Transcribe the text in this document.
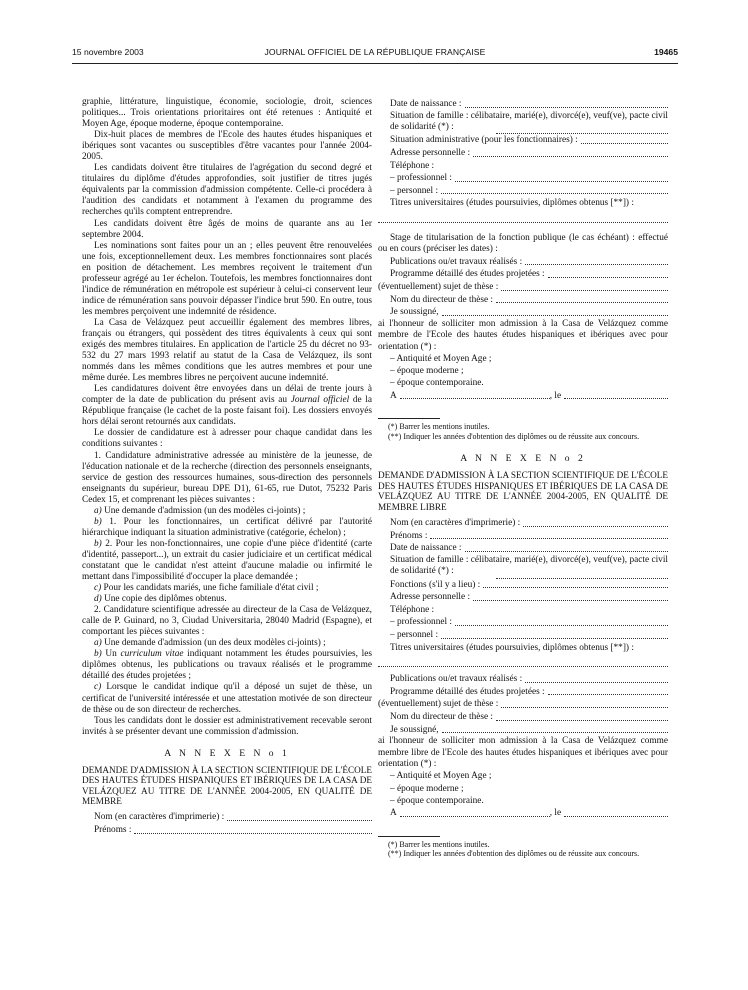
15 novembre 2003	JOURNAL OFFICIEL DE LA RÉPUBLIQUE FRANÇAISE	19465

graphie, littérature, linguistique, économie, sociologie, droit, sciences politiques... Trois orientations prioritaires ont été retenues : Antiquité et Moyen Age, époque moderne, époque contemporaine.

Dix-huit places de membres de l'Ecole des hautes études hispaniques et ibériques sont vacantes ou susceptibles d'être vacantes pour l'année 2004-2005.

Les candidats doivent être titulaires de l'agrégation du second degré et titulaires du diplôme d'études approfondies, soit justifier de titres jugés équivalents par la commission d'admission compétente. Celle-ci procédera à l'audition des candidats et notamment à l'examen du programme des recherches qu'ils comptent entreprendre.

Les candidats doivent être âgés de moins de quarante ans au 1er septembre 2004.

Les nominations sont faites pour un an ; elles peuvent être renouvelées une fois, exceptionnellement deux. Les membres fonctionnaires sont placés en position de détachement. Les membres reçoivent le traitement d'un professeur agrégé au 1er échelon. Toutefois, les membres fonctionnaires dont l'indice de rémunération en métropole est supérieur à celui-ci conservent leur indice de rémunération sans pouvoir dépasser l'indice brut 590. En outre, tous les membres perçoivent une indemnité de résidence.

La Casa de Velázquez peut accueillir également des membres libres, français ou étrangers, qui possèdent des titres équivalents à ceux qui sont exigés des membres titulaires. En application de l'article 25 du décret no 93-532 du 27 mars 1993 relatif au statut de la Casa de Velázquez, ils sont nommés dans les mêmes conditions que les autres membres et pour une même durée. Les membres libres ne perçoivent aucune indemnité.

Les candidatures doivent être envoyées dans un délai de trente jours à compter de la date de publication du présent avis au Journal officiel de la République française (le cachet de la poste faisant foi). Les dossiers envoyés hors délai seront retournés aux candidats.

Le dossier de candidature est à adresser pour chaque candidat dans les conditions suivantes :

1. Candidature administrative adressée au ministère de la jeunesse, de l'éducation nationale et de la recherche (direction des personnels enseignants, service de gestion des ressources humaines, sous-direction des personnels enseignants du supérieur, bureau DPE D1), 61-65, rue Dutot, 75232 Paris Cedex 15, et comprenant les pièces suivantes :

a) Une demande d'admission (un des modèles ci-joints) ;

b) 1. Pour les fonctionnaires, un certificat délivré par l'autorité hiérarchique indiquant la situation administrative (catégorie, échelon) ;

b) 2. Pour les non-fonctionnaires, une copie d'une pièce d'identité (carte d'identité, passeport...), un extrait du casier judiciaire et un certificat médical constatant que le candidat n'est atteint d'aucune maladie ou infirmité le mettant dans l'impossibilité d'occuper la place demandée ;

c) Pour les candidats mariés, une fiche familiale d'état civil ;

d) Une copie des diplômes obtenus.

2. Candidature scientifique adressée au directeur de la Casa de Velázquez, calle de P. Guinard, no 3, Ciudad Universitaria, 28040 Madrid (Espagne), et comportant les pièces suivantes :

a) Une demande d'admission (un des deux modèles ci-joints) ;

b) Un curriculum vitae indiquant notamment les études poursuivies, les diplômes obtenus, les publications ou travaux réalisés et le programme détaillé des études projetées ;

c) Lorsque le candidat indique qu'il a déposé un sujet de thèse, un certificat de l'université intéressée et une attestation motivée de son directeur de thèse ou de son directeur de recherches.

Tous les candidats dont le dossier est administrativement recevable seront invités à se présenter devant une commission d'admission.

A N N E X E N o 1

DEMANDE D'ADMISSION À LA SECTION SCIENTIFIQUE DE L'ÉCOLE DES HAUTES ÉTUDES HISPANIQUES ET IBÉRIQUES DE LA CASA DE VELÁZQUEZ AU TITRE DE L'ANNÉE 2004-2005, EN QUALITÉ DE MEMBRE

Nom (en caractères d'imprimerie) :
Prénoms :
Date de naissance :
Situation de famille : célibataire, marié(e), divorcé(e), veuf(ve), pacte civil de solidarité (*) :
Situation administrative (pour les fonctionnaires) :
Adresse personnelle :
Téléphone :
– professionnel :
– personnel :
Titres universitaires (études poursuivies, diplômes obtenus [**]) :

Stage de titularisation de la fonction publique (le cas échéant) : effectué ou en cours (préciser les dates) :

Publications ou/et travaux réalisés :
Programme détaillé des études projetées :
(éventuellement) sujet de thèse :
Nom du directeur de thèse :
Je soussigné,

ai l'honneur de solliciter mon admission à la Casa de Velázquez comme membre de l'Ecole des hautes études hispaniques et ibériques avec pour orientation (*) :

– Antiquité et Moyen Age ;
– époque moderne ;
– époque contemporaine.
A	, le

(*) Barrer les mentions inutiles.

(**) Indiquer les années d'obtention des diplômes ou de réussite aux concours.

A N N E X E N o 2

DEMANDE D'ADMISSION À LA SECTION SCIENTIFIQUE DE L'ÉCOLE DES HAUTES ÉTUDES HISPANIQUES ET IBÉRIQUES DE LA CASA DE VELÁZQUEZ AU TITRE DE L'ANNÉE 2004-2005, EN QUALITÉ DE MEMBRE LIBRE

Nom (en caractères d'imprimerie) :
Prénoms :
Date de naissance :
Situation de famille : célibataire, marié(e), divorcé(e), veuf(ve), pacte civil de solidarité (*) :
Fonctions (s'il y a lieu) :
Adresse personnelle :
Téléphone :
– professionnel :
– personnel :
Titres universitaires (études poursuivies, diplômes obtenus [**]) :
Publications ou/et travaux réalisés :
Programme détaillé des études projetées :
(éventuellement) sujet de thèse :
Nom du directeur de thèse :
Je soussigné,

ai l'honneur de solliciter mon admission à la Casa de Velázquez comme membre libre de l'Ecole des hautes études hispaniques et ibériques avec pour orientation (*) :

– Antiquité et Moyen Age ;
– époque moderne ;
– époque contemporaine.
A	, le

(*) Barrer les mentions inutiles.

(**) Indiquer les années d'obtention des diplômes ou de réussite aux concours.
